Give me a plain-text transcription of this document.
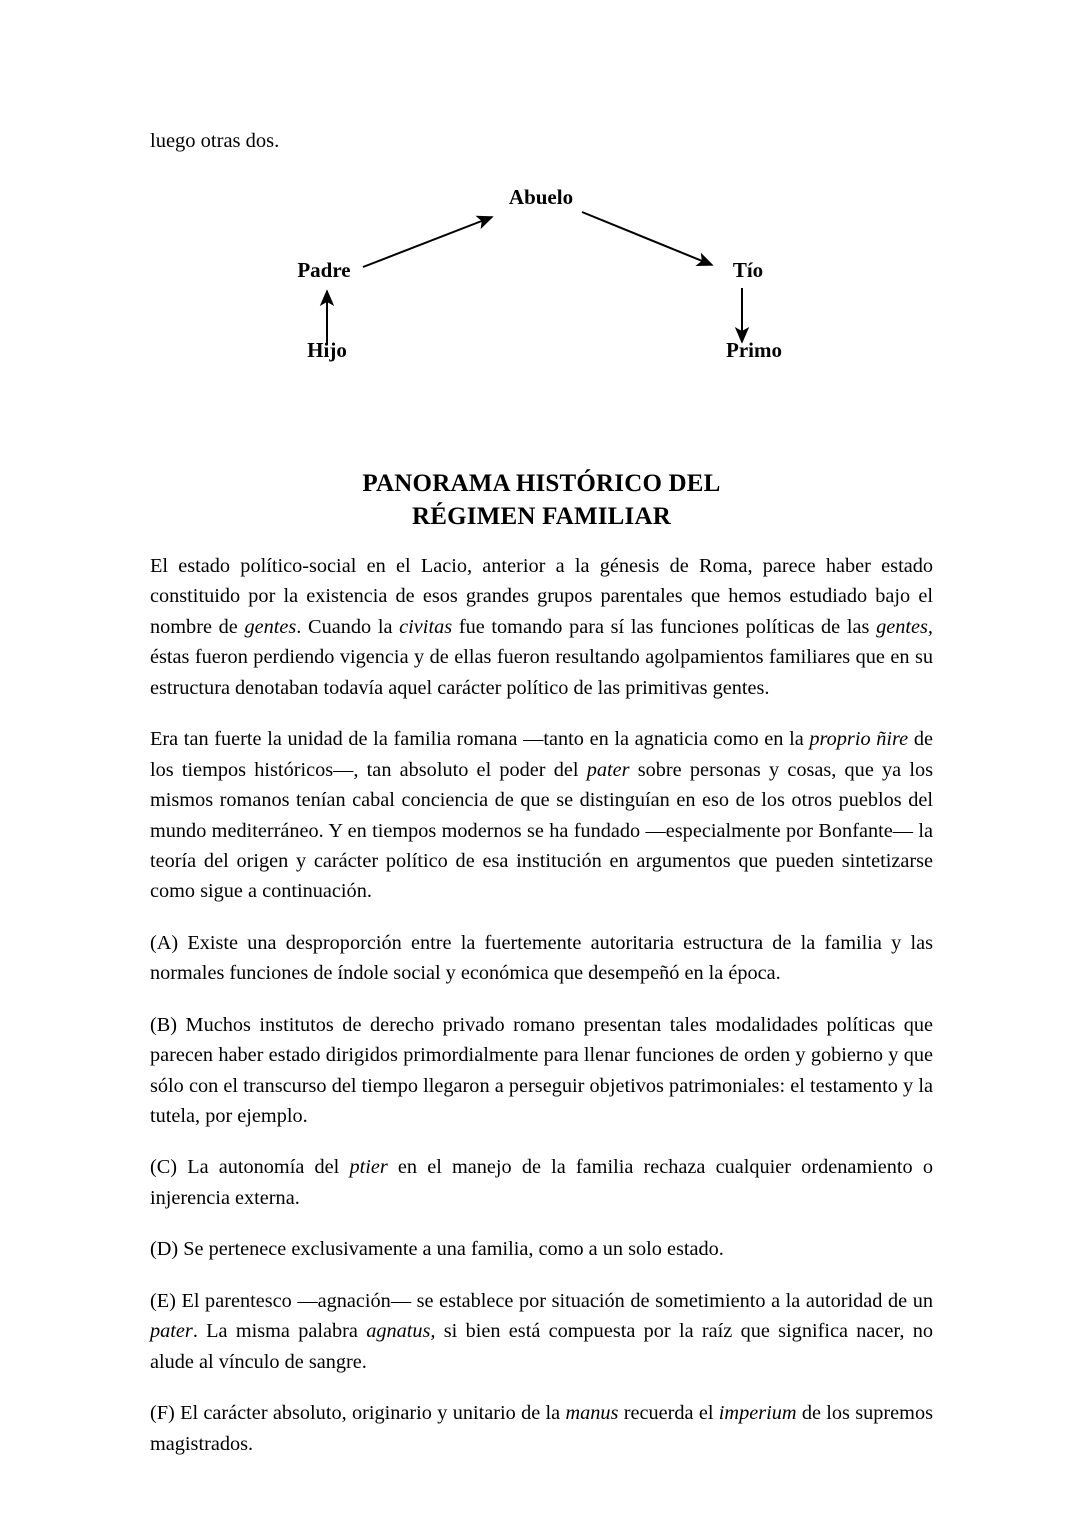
luego otras dos.
Abuelo
Padre	Tío
Hijo	Primo
PANORAMA HISTÓRICO DEL
RÉGIMEN FAMILIAR

El estado político-social en el Lacio, anterior a la génesis de Roma, parece haber estado constituido por la existencia de esos grandes grupos parentales que hemos estudiado bajo el nombre de gentes. Cuando la civitas fue tomando para sí las funciones políticas de las gentes, éstas fueron perdiendo vigencia y de ellas fueron resultando agolpamientos familiares que en su estructura denotaban todavía aquel carácter político de las primitivas gentes.

Era tan fuerte la unidad de la familia romana —tanto en la agnaticia como en la proprio ñire de los tiempos históricos—, tan absoluto el poder del pater sobre personas y cosas, que ya los mismos romanos tenían cabal conciencia de que se distinguían en eso de los otros pueblos del mundo mediterráneo. Y en tiempos modernos se ha fundado —especialmente por Bonfante— la teoría del origen y carácter político de esa institución en argumentos que pueden sintetizarse como sigue a continuación.

(A) Existe una desproporción entre la fuertemente autoritaria estructura de la familia y las normales funciones de índole social y económica que desempeñó en la época.

(B) Muchos institutos de derecho privado romano presentan tales modalidades políticas que parecen haber estado dirigidos primordialmente para llenar funciones de orden y gobierno y que sólo con el transcurso del tiempo llegaron a perseguir objetivos patrimoniales: el testamento y la tutela, por ejemplo.

(C) La autonomía del ptier en el manejo de la familia rechaza cualquier ordenamiento o injerencia externa.

(D) Se pertenece exclusivamente a una familia, como a un solo estado.

(E) El parentesco —agnación— se establece por situación de sometimiento a la autoridad de un pater. La misma palabra agnatus, si bien está compuesta por la raíz que significa nacer, no alude al vínculo de sangre.

(F) El carácter absoluto, originario y unitario de la manus recuerda el imperium de los supremos magistrados.
